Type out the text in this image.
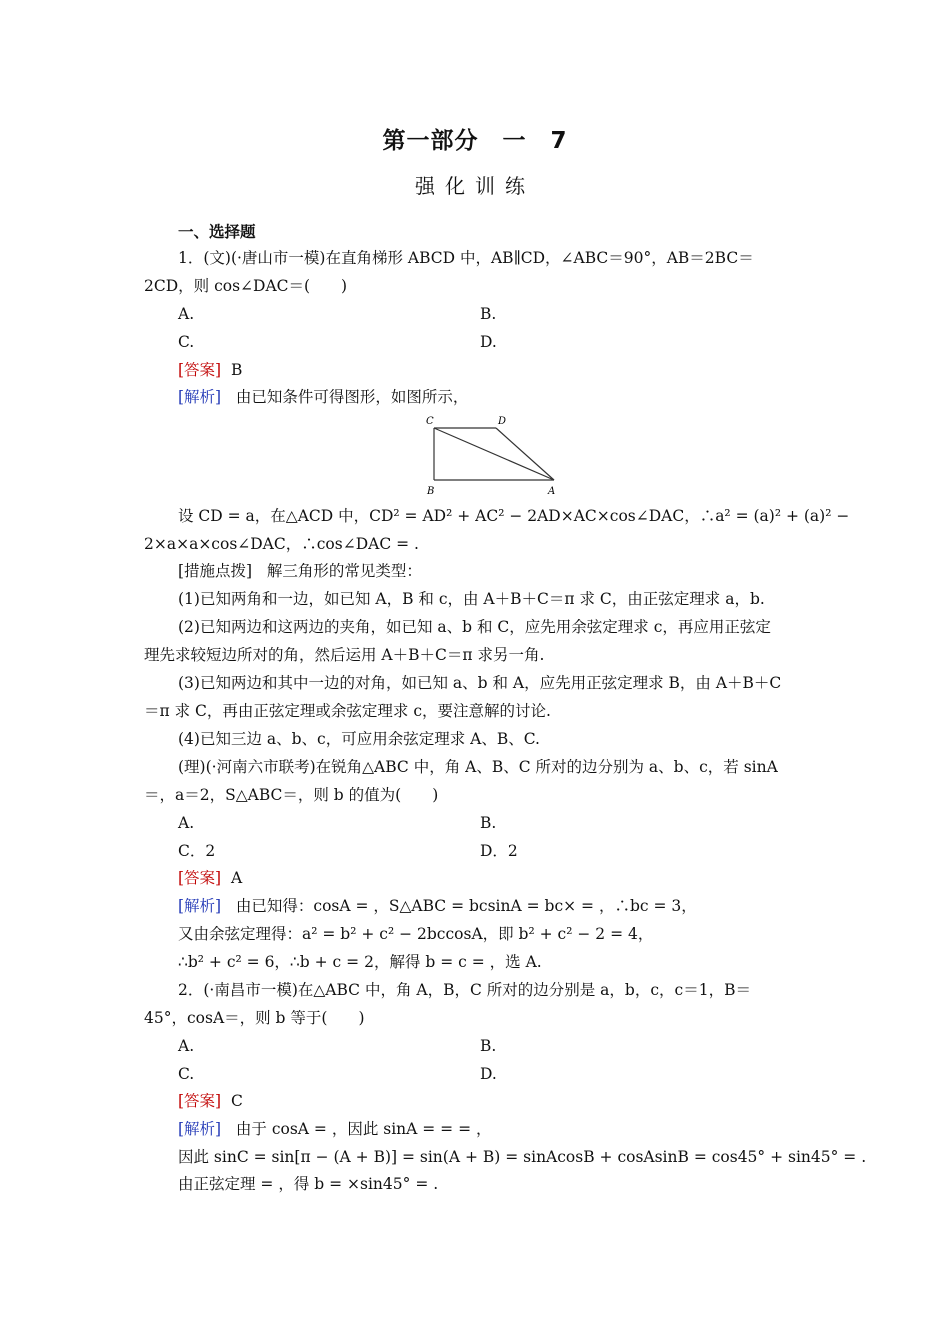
第一部分　一　7
强化训练
一、选择题
1．(文)(·唐山市一模)在直角梯形 ABCD 中，AB∥CD，∠ABC＝90°，AB＝2BC＝
2CD，则 cos∠DAC＝(　　)
A.	B.
C.	D.
[答案] B
[解析] 由已知条件可得图形，如图所示，
C	D
B	A
设 CD = a，在△ACD 中，CD² = AD² + AC² − 2AD×AC×cos∠DAC，∴a² = (a)² + (a)² −
2×a×a×cos∠DAC，∴cos∠DAC = .
[措施点拨] 解三角形的常见类型：
(1)已知两角和一边，如已知 A，B 和 c，由 A＋B＋C＝π 求 C，由正弦定理求 a，b.
(2)已知两边和这两边的夹角，如已知 a、b 和 C，应先用余弦定理求 c，再应用正弦定
理先求较短边所对的角，然后运用 A＋B＋C＝π 求另一角.
(3)已知两边和其中一边的对角，如已知 a、b 和 A，应先用正弦定理求 B，由 A＋B＋C
＝π 求 C，再由正弦定理或余弦定理求 c，要注意解的讨论.
(4)已知三边 a、b、c，可应用余弦定理求 A、B、C.
(理)(·河南六市联考)在锐角△ABC 中，角 A、B、C 所对的边分别为 a、b、c，若 sinA
＝，a＝2，S△ABC＝，则 b 的值为(　　)
A.	B.
C．2	D．2
[答案] A
[解析] 由已知得：cosA = ，S△ABC = bcsinA = bc× = ，∴bc = 3，
又由余弦定理得：a² = b² + c² − 2bccosA，即 b² + c² − 2 = 4，
∴b² + c² = 6，∴b + c = 2，解得 b = c = ，选 A.
2．(·南昌市一模)在△ABC 中，角 A，B，C 所对的边分别是 a，b，c，c＝1，B＝
45°，cosA＝，则 b 等于(　　)
A.	B.
C.	D.
[答案] C
[解析] 由于 cosA = ，因此 sinA = = = ，
因此 sinC = sin[π − (A + B)] = sin(A + B) = sinAcosB + cosAsinB = cos45° + sin45° = .
由正弦定理 = ，得 b = ×sin45° = .
